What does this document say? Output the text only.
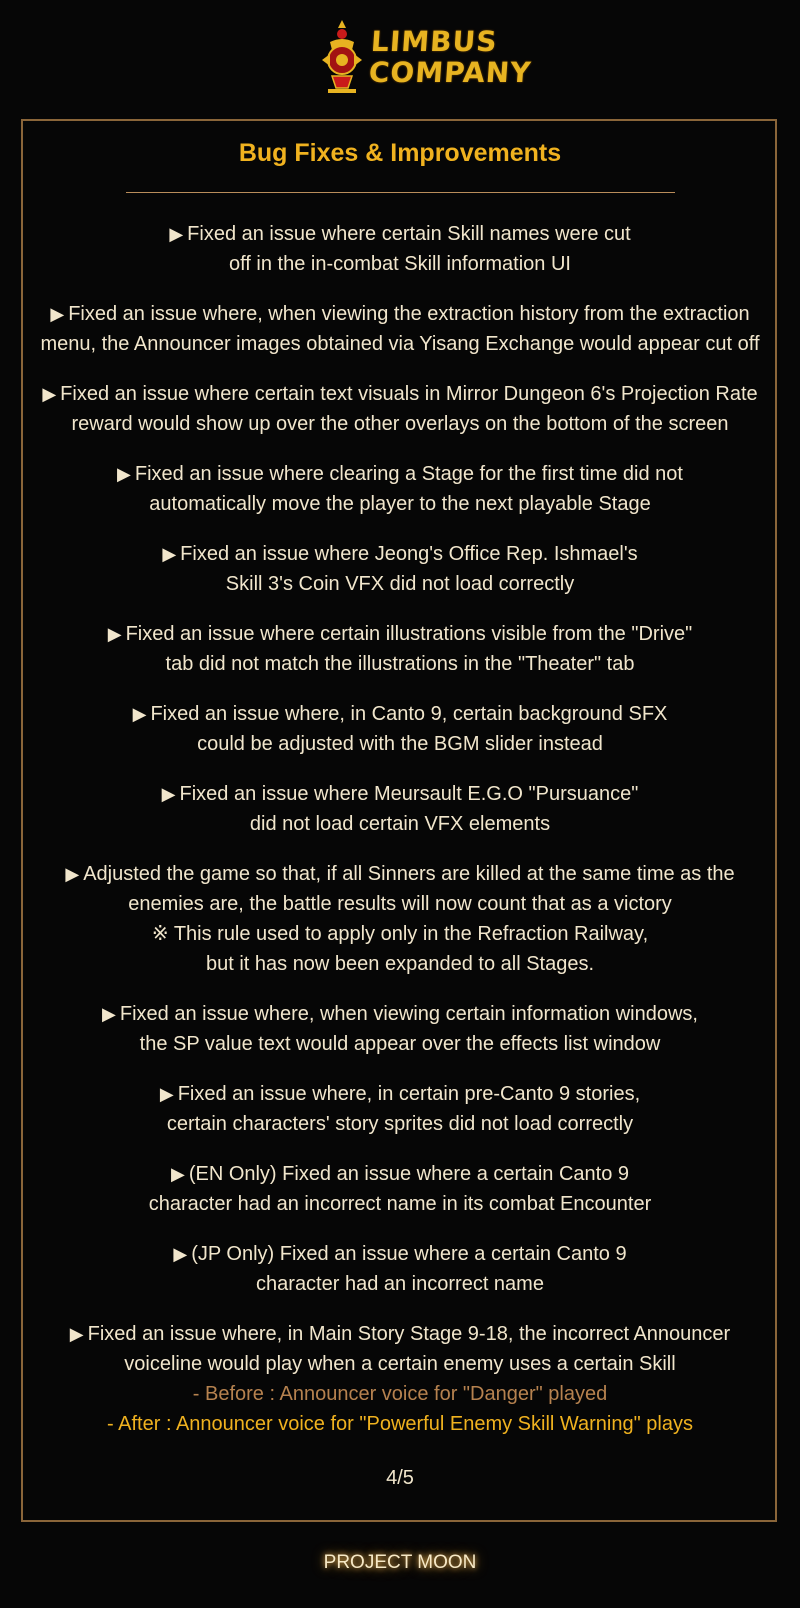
LIMBUS
COMPANY
Bug Fixes & Improvements
▶ Fixed an issue where certain Skill names were cut
off in the in-combat Skill information UI
▶ Fixed an issue where, when viewing the extraction history from the extraction
menu, the Announcer images obtained via Yisang Exchange would appear cut off
▶ Fixed an issue where certain text visuals in Mirror Dungeon 6's Projection Rate
reward would show up over the other overlays on the bottom of the screen
▶ Fixed an issue where clearing a Stage for the first time did not
automatically move the player to the next playable Stage
▶ Fixed an issue where Jeong's Office Rep. Ishmael's
Skill 3's Coin VFX did not load correctly
▶ Fixed an issue where certain illustrations visible from the "Drive"
tab did not match the illustrations in the "Theater" tab
▶ Fixed an issue where, in Canto 9, certain background SFX
could be adjusted with the BGM slider instead
▶ Fixed an issue where Meursault E.G.O "Pursuance"
did not load certain VFX elements
▶ Adjusted the game so that, if all Sinners are killed at the same time as the
enemies are, the battle results will now count that as a victory
※ This rule used to apply only in the Refraction Railway,
but it has now been expanded to all Stages.
▶ Fixed an issue where, when viewing certain information windows,
the SP value text would appear over the effects list window
▶ Fixed an issue where, in certain pre-Canto 9 stories,
certain characters' story sprites did not load correctly
▶ (EN Only) Fixed an issue where a certain Canto 9
character had an incorrect name in its combat Encounter
▶ (JP Only) Fixed an issue where a certain Canto 9
character had an incorrect name
▶ Fixed an issue where, in Main Story Stage 9-18, the incorrect Announcer
voiceline would play when a certain enemy uses a certain Skill
- Before : Announcer voice for "Danger" played
- After : Announcer voice for "Powerful Enemy Skill Warning" plays
4/5
PROJECT MOON
